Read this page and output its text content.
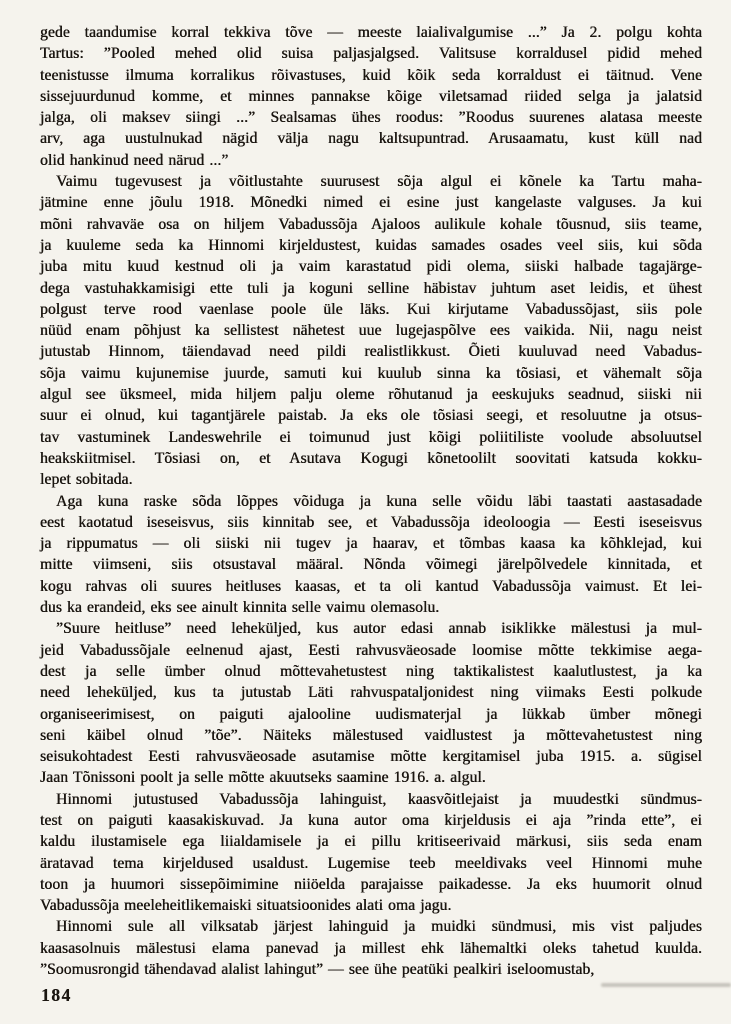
gede taandumise korral tekkiva tõve — meeste laialivalgumise ...” Ja 2. polgu kohta
Tartus: ”Pooled mehed olid suisa paljasjalgsed. Valitsuse korraldusel pidid mehed
teenistusse ilmuma korralikus rõivastuses, kuid kõik seda korraldust ei täitnud. Vene
sissejuurdunud komme, et minnes pannakse kõige viletsamad riided selga ja jalatsid
jalga, oli maksev siingi ...” Sealsamas ühes roodus: ”Roodus suurenes alatasa meeste
arv, aga uustulnukad nägid välja nagu kaltsupuntrad. Arusaamatu, kust küll nad
olid hankinud need närud ...”
Vaimu tugevusest ja võitlustahte suurusest sõja algul ei kõnele ka Tartu maha-
jätmine enne jõulu 1918. Mõnedki nimed ei esine just kangelaste valguses. Ja kui
mõni rahvaväe osa on hiljem Vabadussõja Ajaloos aulikule kohale tõusnud, siis teame,
ja kuuleme seda ka Hinnomi kirjeldustest, kuidas samades osades veel siis, kui sõda
juba mitu kuud kestnud oli ja vaim karastatud pidi olema, siiski halbade tagajärge-
dega vastuhakkamisigi ette tuli ja koguni selline häbistav juhtum aset leidis, et ühest
polgust terve rood vaenlase poole üle läks. Kui kirjutame Vabadussõjast, siis pole
nüüd enam põhjust ka sellistest nähetest uue lugejaspõlve ees vaikida. Nii, nagu neist
jutustab Hinnom, täiendavad need pildi realistlikkust. Õieti kuuluvad need Vabadus-
sõja vaimu kujunemise juurde, samuti kui kuulub sinna ka tõsiasi, et vähemalt sõja
algul see üksmeel, mida hiljem palju oleme rõhutanud ja eeskujuks seadnud, siiski nii
suur ei olnud, kui tagantjärele paistab. Ja eks ole tõsiasi seegi, et resoluutne ja otsus-
tav vastuminek Landeswehrile ei toimunud just kõigi poliitiliste voolude absoluutsel
heakskiitmisel. Tõsiasi on, et Asutava Kogugi kõnetoolilt soovitati katsuda kokku-
lepet sobitada.
Aga kuna raske sõda lõppes võiduga ja kuna selle võidu läbi taastati aastasadade
eest kaotatud iseseisvus, siis kinnitab see, et Vabadussõja ideoloogia — Eesti iseseisvus
ja rippumatus — oli siiski nii tugev ja haarav, et tõmbas kaasa ka kõhklejad, kui
mitte viimseni, siis otsustaval määral. Nõnda võimegi järelpõlvedele kinnitada, et
kogu rahvas oli suures heitluses kaasas, et ta oli kantud Vabadussõja vaimust. Et lei-
dus ka erandeid, eks see ainult kinnita selle vaimu olemasolu.
”Suure heitluse” need leheküljed, kus autor edasi annab isiklikke mälestusi ja mul-
jeid Vabadussõjale eelnenud ajast, Eesti rahvusväeosade loomise mõtte tekkimise aega-
dest ja selle ümber olnud mõttevahetustest ning taktikalistest kaalutlustest, ja ka
need leheküljed, kus ta jutustab Läti rahvuspataljonidest ning viimaks Eesti polkude
organiseerimisest, on paiguti ajalooline uudismaterjal ja lükkab ümber mõnegi
seni käibel olnud ”tõe”. Näiteks mälestused vaidlustest ja mõttevahetustest ning
seisukohtadest Eesti rahvusväeosade asutamise mõtte kergitamisel juba 1915. a. sügisel
Jaan Tõnissoni poolt ja selle mõtte akuutseks saamine 1916. a. algul.
Hinnomi jutustused Vabadussõja lahinguist, kaasvõitlejaist ja muudestki sündmus-
test on paiguti kaasakiskuvad. Ja kuna autor oma kirjeldusis ei aja ”rinda ette”, ei
kaldu ilustamisele ega liialdamisele ja ei pillu kritiseerivaid märkusi, siis seda enam
äratavad tema kirjeldused usaldust. Lugemise teeb meeldivaks veel Hinnomi muhe
toon ja huumori sissepõimimine niiöelda parajaisse paikadesse. Ja eks huumorit olnud
Vabadussõja meeleheitlikemaiski situatsioonides alati oma jagu.
Hinnomi sule all vilksatab järjest lahinguid ja muidki sündmusi, mis vist paljudes
kaasasolnuis mälestusi elama panevad ja millest ehk lähemaltki oleks tahetud kuulda.
”Soomusrongid tähendavad alalist lahingut” — see ühe peatüki pealkiri iseloomustab,
184
